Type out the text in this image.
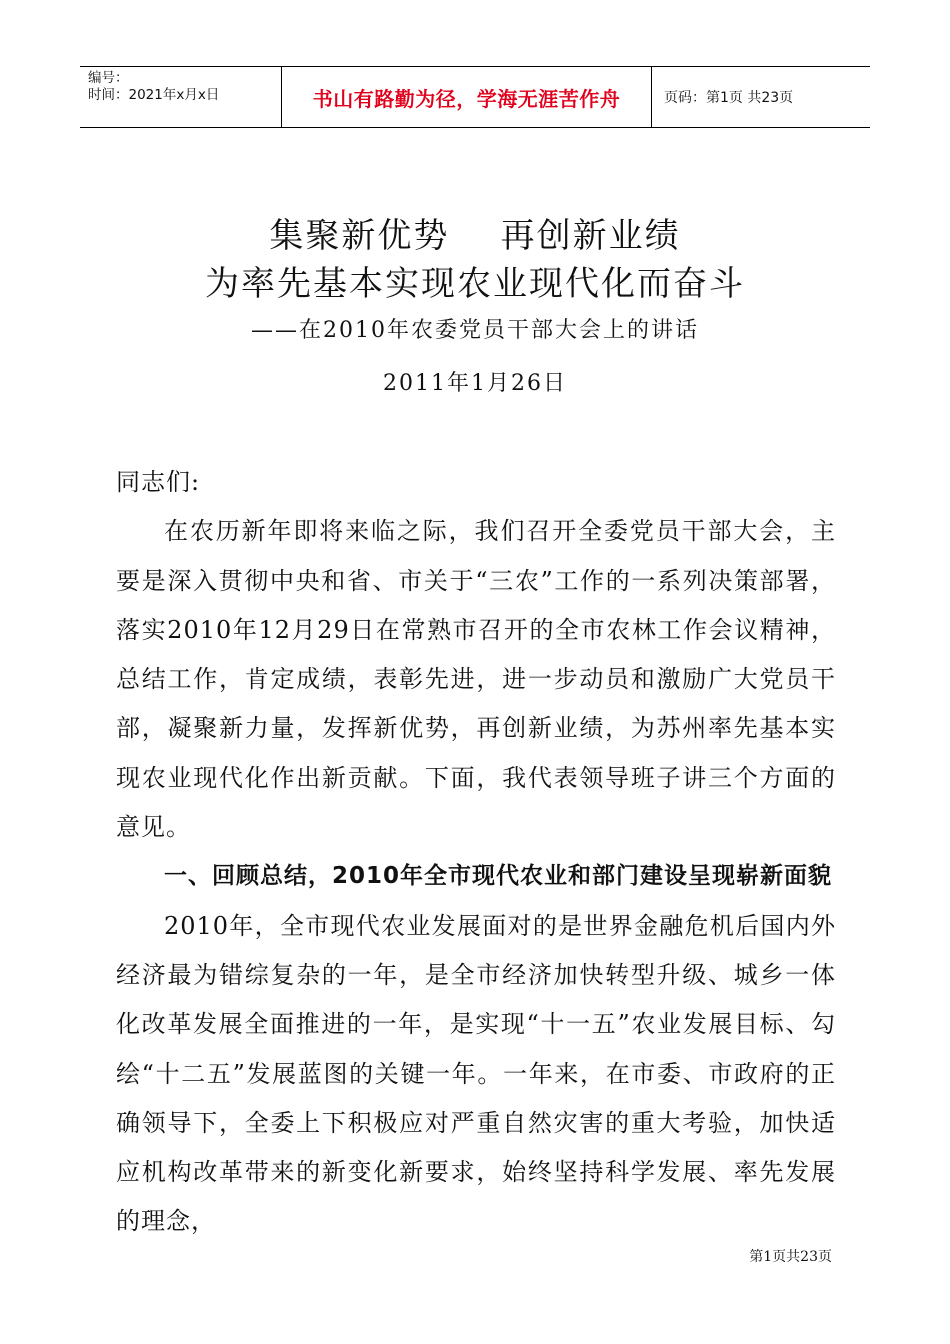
编号：
时间：2021年x月x日	书山有路勤为径，学海无涯苦作舟	页码：第1页 共23页
集聚新优势    再创新业绩
为率先基本实现农业现代化而奋斗
——在2010年农委党员干部大会上的讲话
2011年1月26日

同志们:

在农历新年即将来临之际，我们召开全委党员干部大会，主要是深入贯彻中央和省、市关于“三农”工作的一系列决策部署，落实2010年12月29日在常熟市召开的全市农林工作会议精神，总结工作，肯定成绩，表彰先进，进一步动员和激励广大党员干部，凝聚新力量，发挥新优势，再创新业绩，为苏州率先基本实现农业现代化作出新贡献。下面，我代表领导班子讲三个方面的意见。

一、回顾总结，2010年全市现代农业和部门建设呈现崭新面貌

2010年，全市现代农业发展面对的是世界金融危机后国内外经济最为错综复杂的一年，是全市经济加快转型升级、城乡一体化改革发展全面推进的一年，是实现“十一五”农业发展目标、勾绘“十二五”发展蓝图的关键一年。一年来，在市委、市政府的正确领导下，全委上下积极应对严重自然灾害的重大考验，加快适应机构改革带来的新变化新要求，始终坚持科学发展、率先发展的理念，

第1页共23页
